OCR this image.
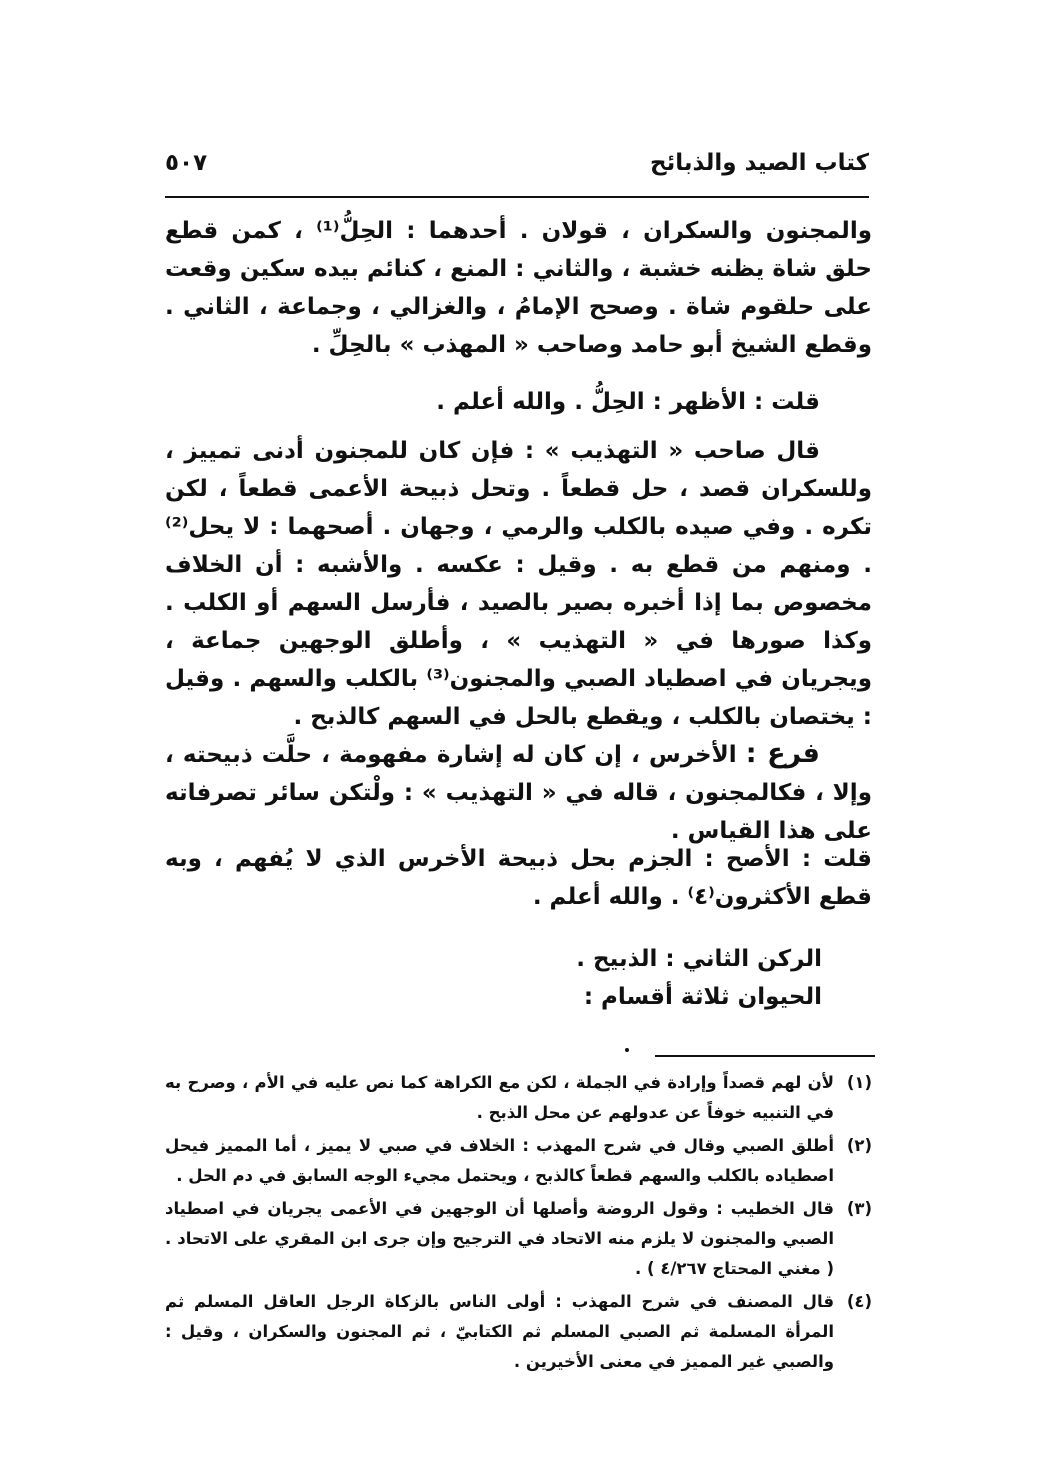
كتاب الصيد والذبائح
٥٠٧

والمجنون والسكران ، قولان . أحدهما : الحِلُّ⁽¹⁾ ، كمن قطع حلق شاة يظنه خشبة ، والثاني : المنع ، كنائم بيده سكين وقعت على حلقوم شاة . وصحح الإمامُ ، والغزالي ، وجماعة ، الثاني . وقطع الشيخ أبو حامد وصاحب « المهذب » بالحِلِّ .

قلت : الأظهر : الحِلُّ . والله أعلم .

قال صاحب « التهذيب » : فإن كان للمجنون أدنى تمييز ، وللسكران قصد ، حل قطعاً . وتحل ذبيحة الأعمى قطعاً ، لكن تكره . وفي صيده بالكلب والرمي ، وجهان . أصحهما : لا يحل⁽²⁾ . ومنهم من قطع به . وقيل : عكسه . والأشبه : أن الخلاف مخصوص بما إذا أخبره بصير بالصيد ، فأرسل السهم أو الكلب . وكذا صورها في « التهذيب » ، وأطلق الوجهين جماعة ، ويجريان في اصطياد الصبي والمجنون⁽³⁾ بالكلب والسهم . وقيل : يختصان بالكلب ، ويقطع بالحل في السهم كالذبح .

فرع : الأخرس ، إن كان له إشارة مفهومة ، حلَّت ذبيحته ، وإلا ، فكالمجنون ، قاله في « التهذيب » : ولْتكن سائر تصرفاته على هذا القياس .

قلت : الأصح : الجزم بحل ذبيحة الأخرس الذي لا يُفهم ، وبه قطع الأكثرون⁽٤⁾ . والله أعلم .

الركن الثاني : الذبيح .

الحيوان ثلاثة أقسام :

(١)
لأن لهم قصداً وإرادة في الجملة ، لكن مع الكراهة كما نص عليه في الأم ، وصرح به في التنبيه خوفاً عن عدولهم عن محل الذبح .
(٢)
أطلق الصبي وقال في شرح المهذب : الخلاف في صبي لا يميز ، أما المميز فيحل اصطياده بالكلب والسهم قطعاً كالذبح ، ويحتمل مجيء الوجه السابق في دم الحل .
(٣)
قال الخطيب : وقول الروضة وأصلها أن الوجهين في الأعمى يجريان في اصطياد الصبي والمجنون لا يلزم منه الاتحاد في الترجيح وإن جرى ابن المقري على الاتحاد . ( مغني المحتاج ٤/٢٦٧ ) .
(٤)
قال المصنف في شرح المهذب : أولى الناس بالزكاة الرجل العاقل المسلم ثم المرأة المسلمة ثم الصبي المسلم ثم الكتابيّ ، ثم المجنون والسكران ، وقيل : والصبي غير المميز في معنى الأخيرين .
